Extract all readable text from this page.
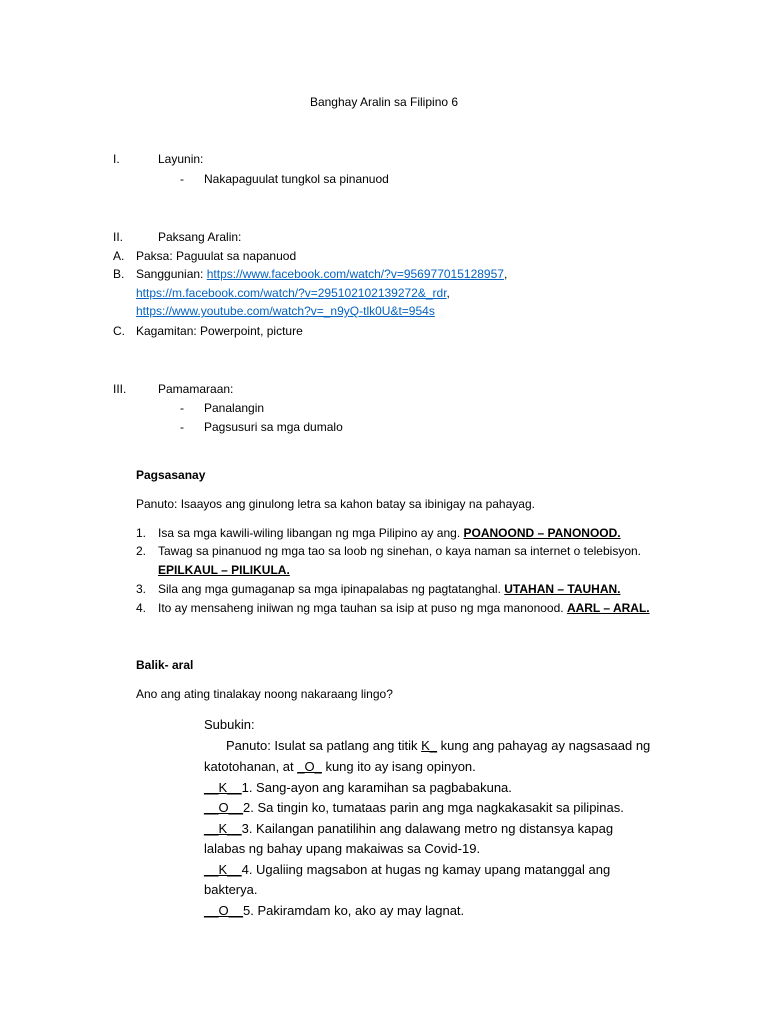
Banghay Aralin sa Filipino 6
I.	Layunin:
- Nakapaguulat tungkol sa pinanuod
II.	Paksang Aralin:
A. Paksa: Paguulat sa napanuod
B. Sanggunian: https://www.facebook.com/watch/?v=956977015128957,
https://m.facebook.com/watch/?v=295102102139272&_rdr,
https://www.youtube.com/watch?v=_n9yQ-tlk0U&t=954s
C. Kagamitan: Powerpoint, picture
III.	Pamamaraan:
- Panalangin
- Pagsusuri sa mga dumalo
Pagsasanay
Panuto: Isaayos ang ginulong letra sa kahon batay sa ibinigay na pahayag.
1. Isa sa mga kawili-wiling libangan ng mga Pilipino ay ang. POANOOND – PANONOOD.
2. Tawag sa pinanuod ng mga tao sa loob ng sinehan, o kaya naman sa internet o telebisyon.
EPILKAUL – PILIKULA.
3. Sila ang mga gumaganap sa mga ipinapalabas ng pagtatanghal. UTAHAN – TAUHAN.
4. Ito ay mensaheng iniiwan ng mga tauhan sa isip at puso ng mga manonood. AARL – ARAL.
Balik- aral
Ano ang ating tinalakay noong nakaraang lingo?
Subukin:
Panuto: Isulat sa patlang ang titik K_ kung ang pahayag ay nagsasaad ng
katotohanan, at _O_ kung ito ay isang opinyon.
__K__1. Sang-ayon ang karamihan sa pagbabakuna.
__O__2. Sa tingin ko, tumataas parin ang mga nagkakasakit sa pilipinas.
__K__3. Kailangan panatilihin ang dalawang metro ng distansya kapag
lalabas ng bahay upang makaiwas sa Covid-19.
__K__4. Ugaliing magsabon at hugas ng kamay upang matanggal ang
bakterya.
__O__5. Pakiramdam ko, ako ay may lagnat.
